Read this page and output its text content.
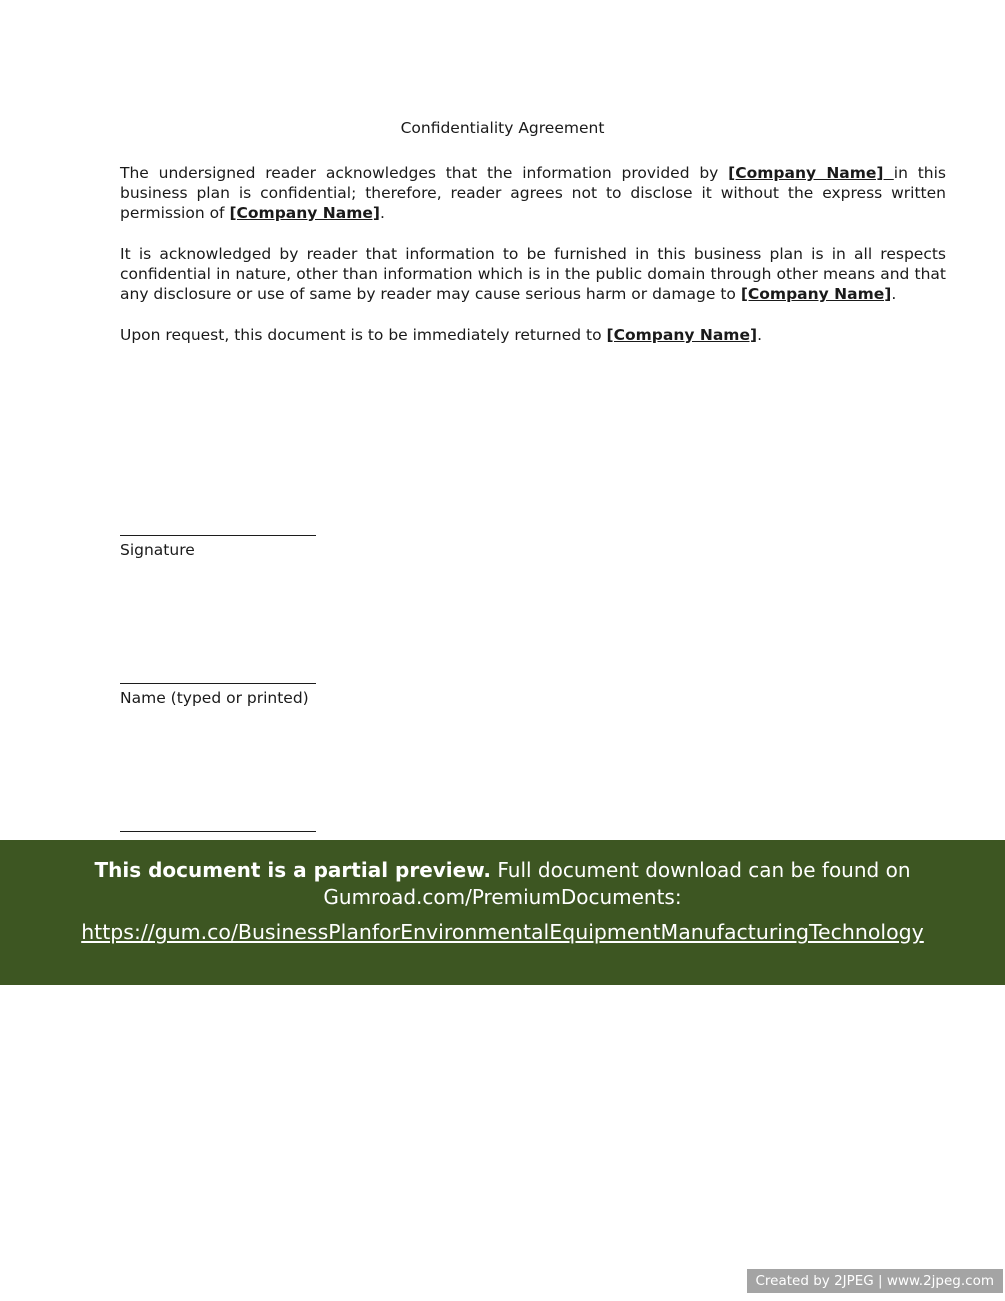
Confidentiality Agreement

The undersigned reader acknowledges that the information provided by [Company Name] in this business plan is confidential; therefore, reader agrees not to disclose it without the express written permission of [Company Name].

It is acknowledged by reader that information to be furnished in this business plan is in all respects confidential in nature, other than information which is in the public domain through other means and that any disclosure or use of same by reader may cause serious harm or damage to [Company Name].

Upon request, this document is to be immediately returned to [Company Name].

Signature
Name (typed or printed)
This document is a partial preview. Full document download can be found on Gumroad.com/PremiumDocuments:
https://gum.co/BusinessPlanforEnvironmentalEquipmentManufacturingTechnology
Created by 2JPEG | www.2jpeg.com
